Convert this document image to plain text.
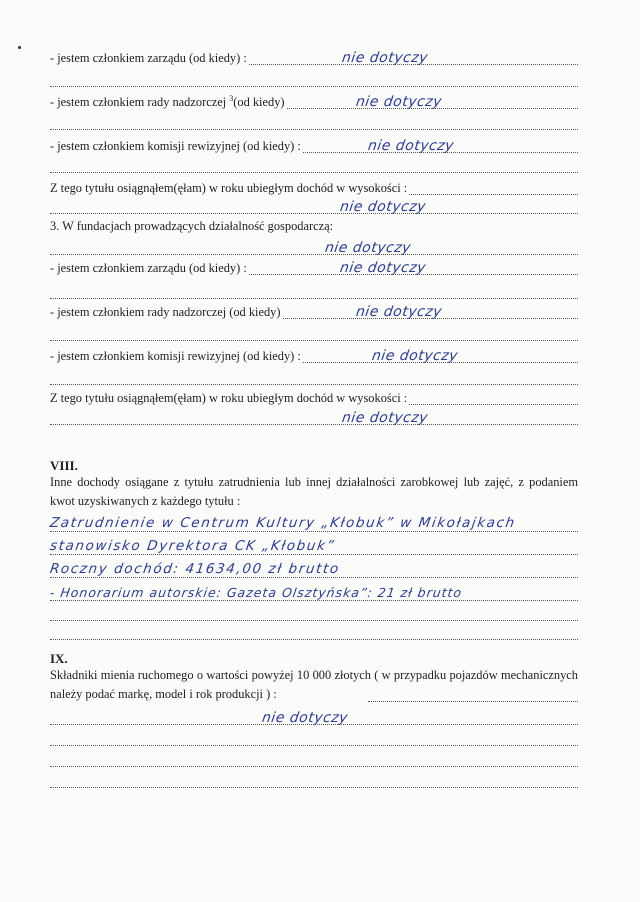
- jestem członkiem zarządu (od kiedy) :	nie dotyczy
- jestem członkiem rady nadzorczej $^3$(od kiedy)	nie dotyczy
- jestem członkiem komisji rewizyjnej (od kiedy) :	nie dotyczy
Z tego tytułu osiągnąłem(ęłam) w roku ubiegłym dochód w wysokości :
nie dotyczy
3. W fundacjach prowadzących działalność gospodarczą:
nie dotyczy
- jestem członkiem zarządu (od kiedy) :	nie dotyczy
- jestem członkiem rady nadzorczej (od kiedy)	nie dotyczy
- jestem członkiem komisji rewizyjnej (od kiedy) :	nie dotyczy
Z tego tytułu osiągnąłem(ęłam) w roku ubiegłym dochód w wysokości :
nie dotyczy
VIII.
Inne dochody osiągane z tytułu zatrudnienia lub innej działalności zarobkowej lub zajęć, z podaniem kwot uzyskiwanych z każdego tytułu :
Zatrudnienie w Centrum Kultury „Kłobuk” w Mikołajkach
stanowisko Dyrektora CK „Kłobuk”
Roczny dochód: 41634,00 zł brutto
- Honorarium autorskie: Gazeta Olsztyńska”: 21 zł brutto
IX.
Składniki mienia ruchomego o wartości powyżej 10 000 złotych ( w przypadku pojazdów mechanicznych należy podać markę, model i rok produkcji ) :
nie dotyczy
